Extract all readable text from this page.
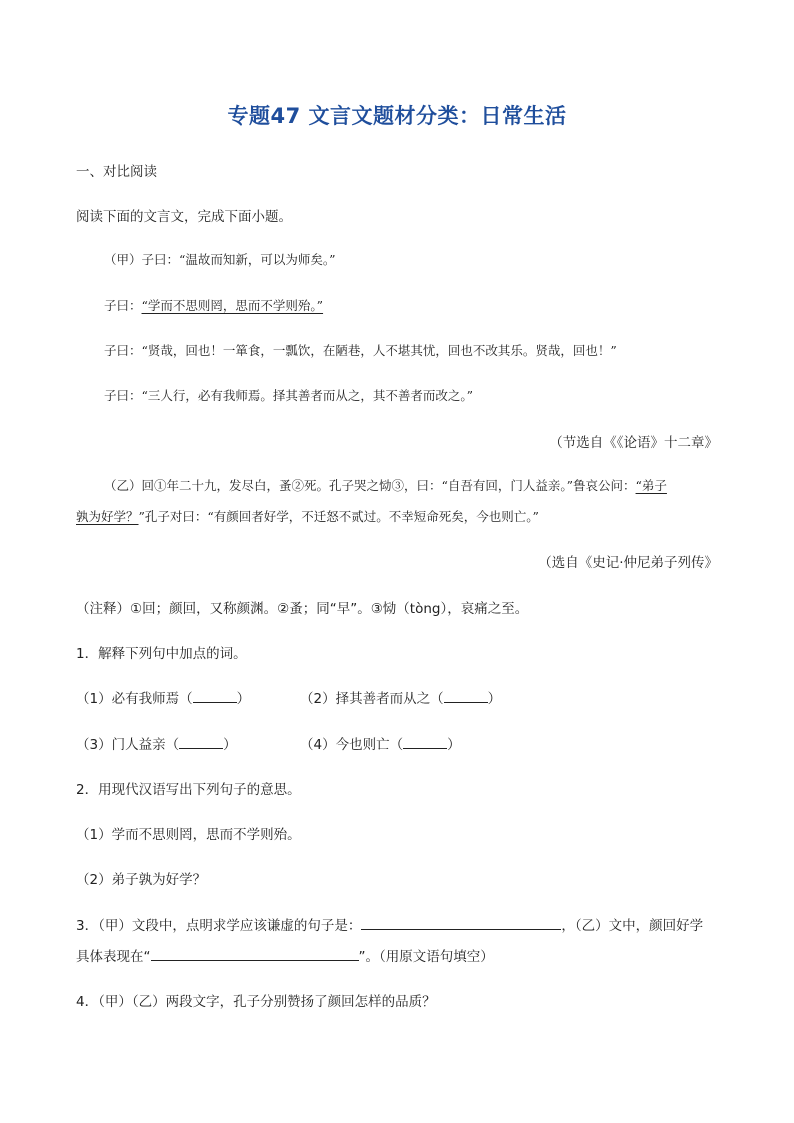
专题47 文言文题材分类：日常生活
一、对比阅读
阅读下面的文言文，完成下面小题。
（甲）子曰：“温故而知新，可以为师矣。”
子曰：“学而不思则罔，思而不学则殆。”
子曰：“贤哉，回也！一箪食，一瓢饮，在陋巷，人不堪其忧，回也不改其乐。贤哉，回也！”
子曰：“三人行，必有我师焉。择其善者而从之，其不善者而改之。”
（节选自《《论语》十二章》
（乙）回①年二十九，发尽白，蚤②死。孔子哭之恸③，曰：“自吾有回，门人益亲。”鲁哀公问：“弟子
孰为好学？”孔子对曰：“有颜回者好学，不迁怒不贰过。不幸短命死矣，今也则亡。”
（选自《史记·仲尼弟子列传》
（注释）①回；颜回，又称颜渊。②蚤；同“早”。③恸（tòng），哀痛之至。
1．解释下列句中加点的词。
（1）必有我师焉（	）	（2）择其善者而从之（	）
（3）门人益亲（	）	（4）今也则亡（	）
2．用现代汉语写出下列句子的意思。
（1）学而不思则罔，思而不学则殆。
（2）弟子孰为好学？
3．（甲）文段中，点明求学应该谦虚的句子是：	，（乙）文中，颜回好学
具体表现在“	”。（用原文语句填空）
4．（甲）（乙）两段文字，孔子分别赞扬了颜回怎样的品质？
